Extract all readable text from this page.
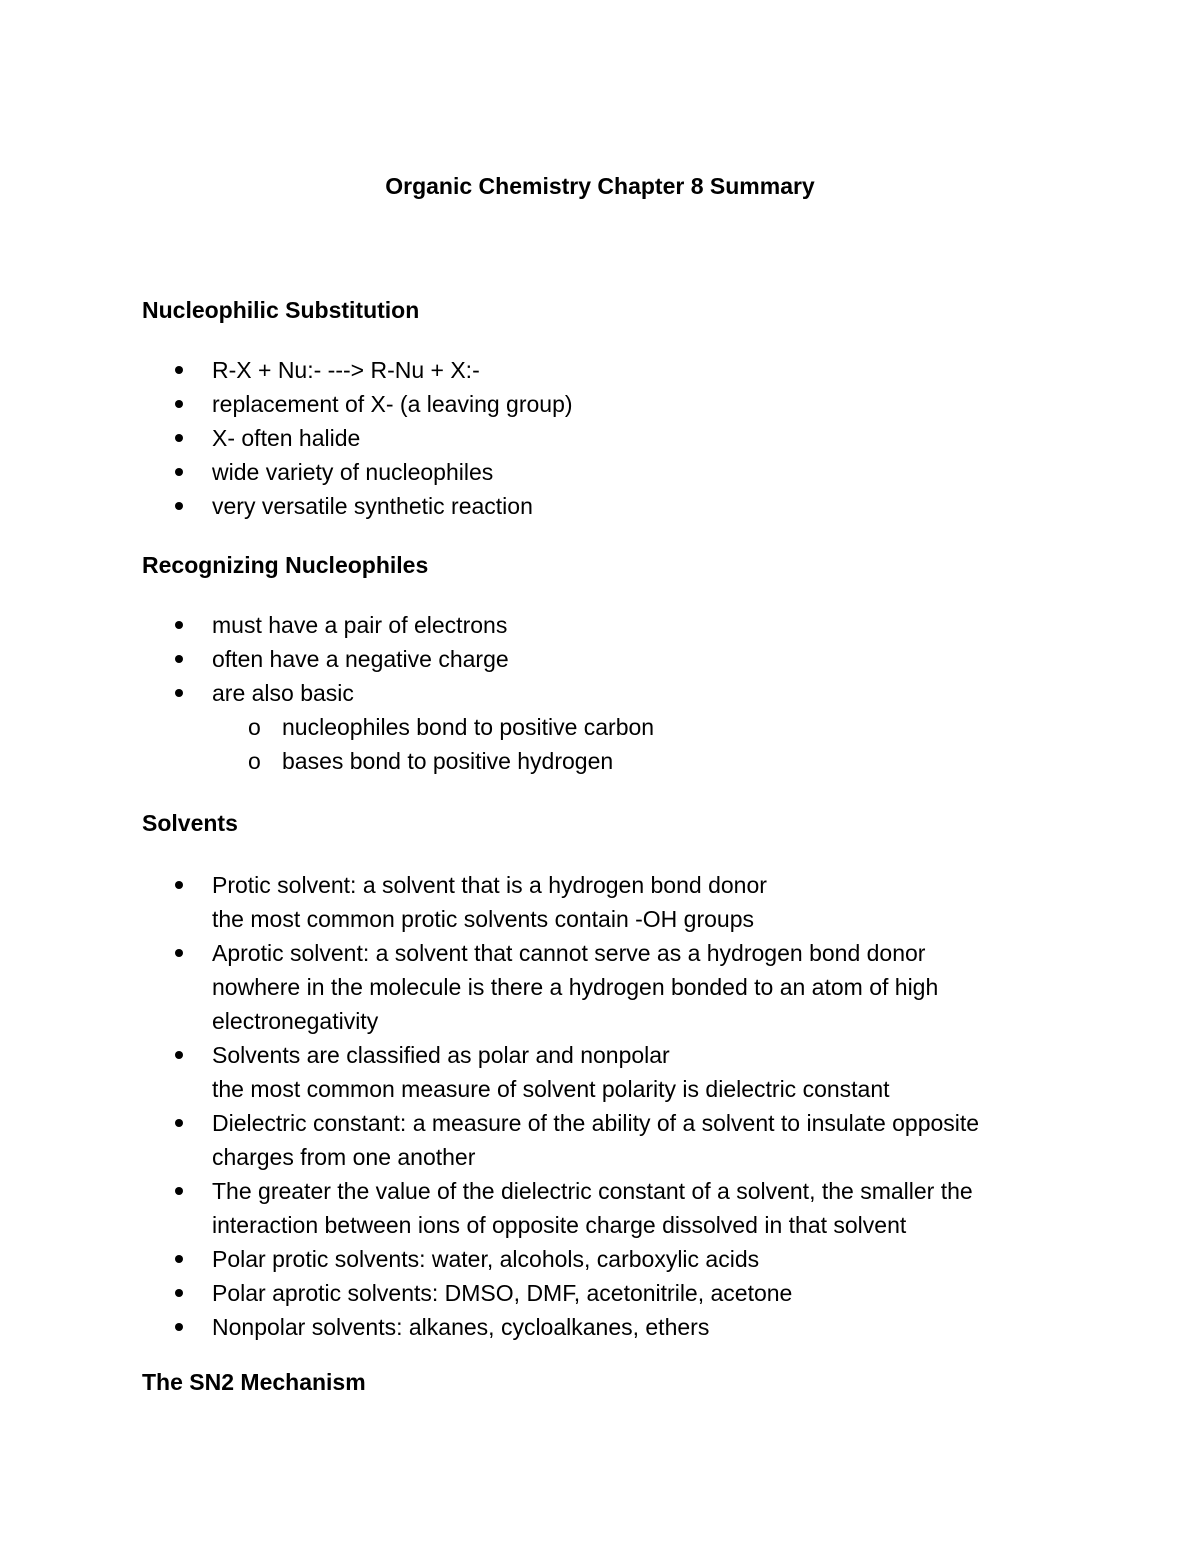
Organic Chemistry Chapter 8 Summary
Nucleophilic Substitution
R-X + Nu:- ---> R-Nu + X:-
replacement of X- (a leaving group)
X- often halide
wide variety of nucleophiles
very versatile synthetic reaction
Recognizing Nucleophiles
must have a pair of electrons
often have a negative charge
are also basic
o nucleophiles bond to positive carbon
o bases bond to positive hydrogen
Solvents
Protic solvent: a solvent that is a hydrogen bond donor
the most common protic solvents contain -OH groups
Aprotic solvent: a solvent that cannot serve as a hydrogen bond donor
nowhere in the molecule is there a hydrogen bonded to an atom of high
electronegativity
Solvents are classified as polar and nonpolar
the most common measure of solvent polarity is dielectric constant
Dielectric constant: a measure of the ability of a solvent to insulate opposite
charges from one another
The greater the value of the dielectric constant of a solvent, the smaller the
interaction between ions of opposite charge dissolved in that solvent
Polar protic solvents: water, alcohols, carboxylic acids
Polar aprotic solvents: DMSO, DMF, acetonitrile, acetone
Nonpolar solvents: alkanes, cycloalkanes, ethers
The SN2 Mechanism
